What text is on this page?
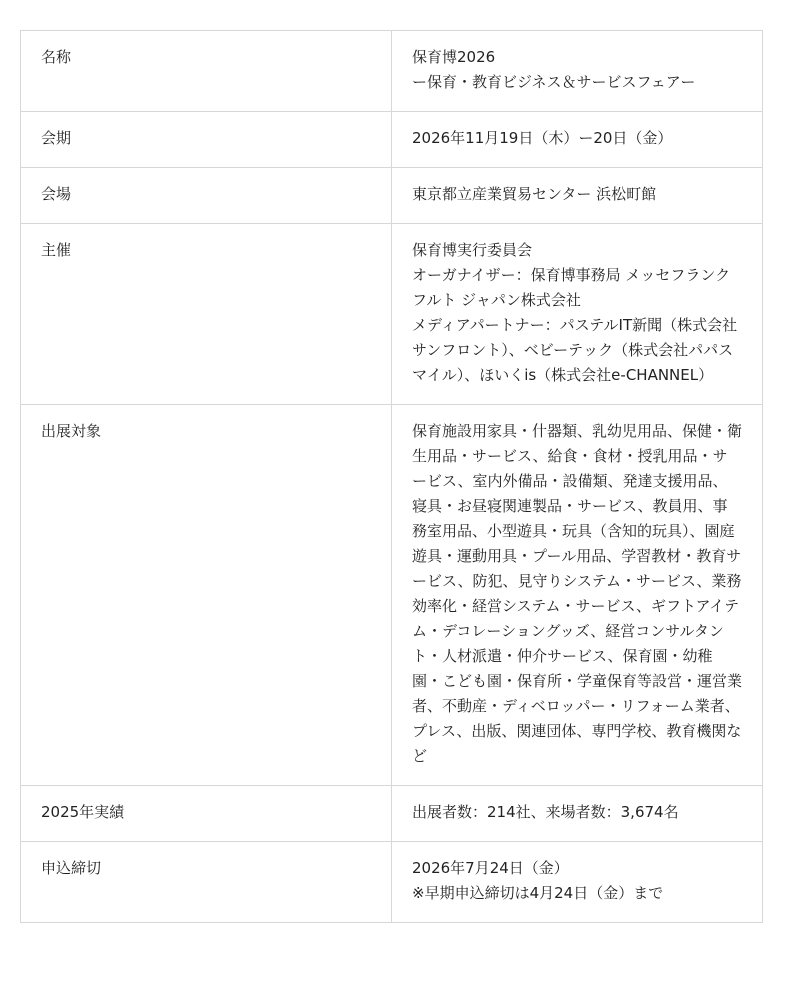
名称	保育博2026
ー保育・教育ビジネス＆サービスフェアー

会期	2026年11月19日（木）ー20日（金）

会場	東京都立産業貿易センター 浜松町館

主催	保育博実行委員会
オーガナイザー：保育博事務局 メッセフランクフルト ジャパン株式会社
メディアパートナー：パステルIT新聞（株式会社サンフロント）、ベビーテック（株式会社パパスマイル）、ほいくis（株式会社e-CHANNEL）

出展対象	保育施設用家具・什器類、乳幼児用品、保健・衛生用品・サービス、給食・食材・授乳用品・サービス、室内外備品・設備類、発達支援用品、寝具・お昼寝関連製品・サービス、教員用、事務室用品、小型遊具・玩具（含知的玩具）、園庭遊具・運動用具・プール用品、学習教材・教育サービス、防犯、見守りシステム・サービス、業務効率化・経営システム・サービス、ギフトアイテム・デコレーショングッズ、経営コンサルタント・人材派遣・仲介サービス、保育園・幼稚園・こども園・保育所・学童保育等設営・運営業者、不動産・ディベロッパー・リフォーム業者、プレス、出版、関連団体、専門学校、教育機関など

2025年実績	出展者数：214社、来場者数：3,674名

申込締切	2026年7月24日（金）
※早期申込締切は4月24日（金）まで
